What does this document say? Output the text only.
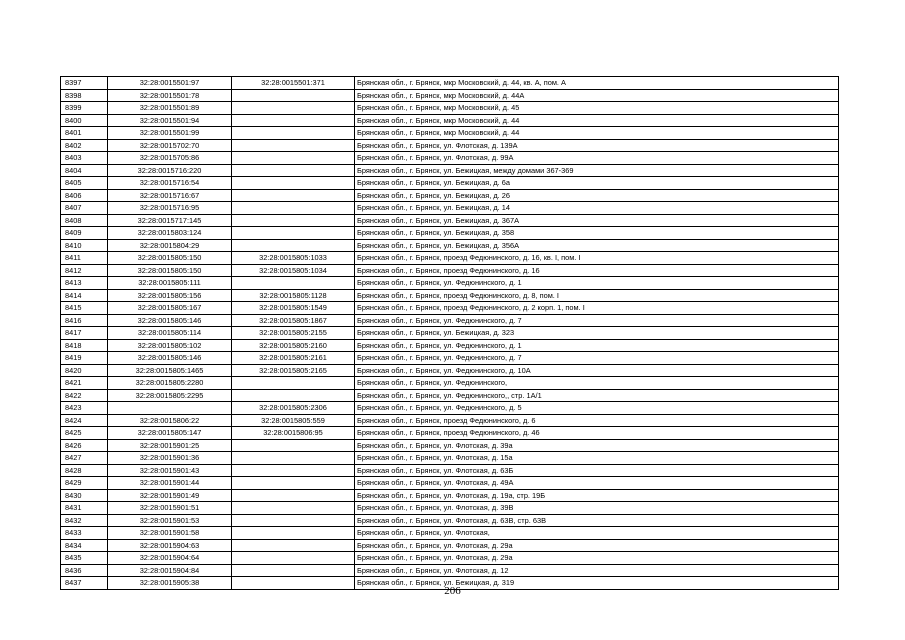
8397	32:28:0015501:97	32:28:0015501:371	Брянская обл., г. Брянск, мкр Московский, д. 44, кв. А, пом. А
8398	32:28:0015501:78		Брянская обл., г. Брянск, мкр Московский, д. 44А
8399	32:28:0015501:89		Брянская обл., г. Брянск, мкр Московский, д. 45
8400	32:28:0015501:94		Брянская обл., г. Брянск, мкр Московский, д. 44
8401	32:28:0015501:99		Брянская обл., г. Брянск, мкр Московский, д. 44
8402	32:28:0015702:70		Брянская обл., г. Брянск, ул. Флотская, д. 139А
8403	32:28:0015705:86		Брянская обл., г. Брянск, ул. Флотская, д. 99А
8404	32:28:0015716:220		Брянская обл., г. Брянск, ул. Бежицкая, между домами 367-369
8405	32:28:0015716:54		Брянская обл., г. Брянск, ул. Бежицкая, д. 6а
8406	32:28:0015716:67		Брянская обл., г. Брянск, ул. Бежицкая, д. 26
8407	32:28:0015716:95		Брянская обл., г. Брянск, ул. Бежицкая, д. 14
8408	32:28:0015717:145		Брянская обл., г. Брянск, ул. Бежицкая, д. 367А
8409	32:28:0015803:124		Брянская обл., г. Брянск, ул. Бежицкая, д. 358
8410	32:28:0015804:29		Брянская обл., г. Брянск, ул. Бежицкая, д. 356А
8411	32:28:0015805:150	32:28:0015805:1033	Брянская обл., г. Брянск, проезд Федюнинского, д. 16, кв. I, пом. I
8412	32:28:0015805:150	32:28:0015805:1034	Брянская обл., г. Брянск, проезд Федюнинского, д. 16
8413	32:28:0015805:111		Брянская обл., г. Брянск, ул. Федюнинского, д. 1
8414	32:28:0015805:156	32:28:0015805:1128	Брянская обл., г. Брянск, проезд Федюнинского, д. 8, пом. I
8415	32:28:0015805:167	32:28:0015805:1549	Брянская обл., г. Брянск, проезд Федюнинского, д. 2 корп. 1, пом. I
8416	32:28:0015805:146	32:28:0015805:1867	Брянская обл., г. Брянск, ул. Федюнинского, д. 7
8417	32:28:0015805:114	32:28:0015805:2155	Брянская обл., г. Брянск, ул. Бежицкая, д. 323
8418	32:28:0015805:102	32:28:0015805:2160	Брянская обл., г. Брянск, ул. Федюнинского, д. 1
8419	32:28:0015805:146	32:28:0015805:2161	Брянская обл., г. Брянск, ул. Федюнинского, д. 7
8420	32:28:0015805:1465	32:28:0015805:2165	Брянская обл., г. Брянск, ул. Федюнинского, д. 10А
8421	32:28:0015805:2280		Брянская обл., г. Брянск, ул. Федюнинского,
8422	32:28:0015805:2295		Брянская обл., г. Брянск, ул. Федюнинского,, стр. 1А/1
8423		32:28:0015805:2306	Брянская обл., г. Брянск, ул. Федюнинского, д. 5
8424	32:28:0015806:22	32:28:0015805:559	Брянская обл., г. Брянск, проезд Федюнинского, д. 6
8425	32:28:0015805:147	32:28:0015806:95	Брянская обл., г. Брянск, проезд Федюнинского, д. 46
8426	32:28:0015901:25		Брянская обл., г. Брянск, ул. Флотская, д. 39а
8427	32:28:0015901:36		Брянская обл., г. Брянск, ул. Флотская, д. 15а
8428	32:28:0015901:43		Брянская обл., г. Брянск, ул. Флотская, д. 63Б
8429	32:28:0015901:44		Брянская обл., г. Брянск, ул. Флотская, д. 49А
8430	32:28:0015901:49		Брянская обл., г. Брянск, ул. Флотская, д. 19а, стр. 19Б
8431	32:28:0015901:51		Брянская обл., г. Брянск, ул. Флотская, д. 39В
8432	32:28:0015901:53		Брянская обл., г. Брянск, ул. Флотская, д. 63В, стр. 63В
8433	32:28:0015901:58		Брянская обл., г. Брянск, ул. Флотская,
8434	32:28:0015904:63		Брянская обл., г. Брянск, ул. Флотская, д. 29а
8435	32:28:0015904:64		Брянская обл., г. Брянск, ул. Флотская, д. 29а
8436	32:28:0015904:84		Брянская обл., г. Брянск, ул. Флотская, д. 12
8437	32:28:0015905:38		Брянская обл., г. Брянск, ул. Бежицкая, д. 319
206
